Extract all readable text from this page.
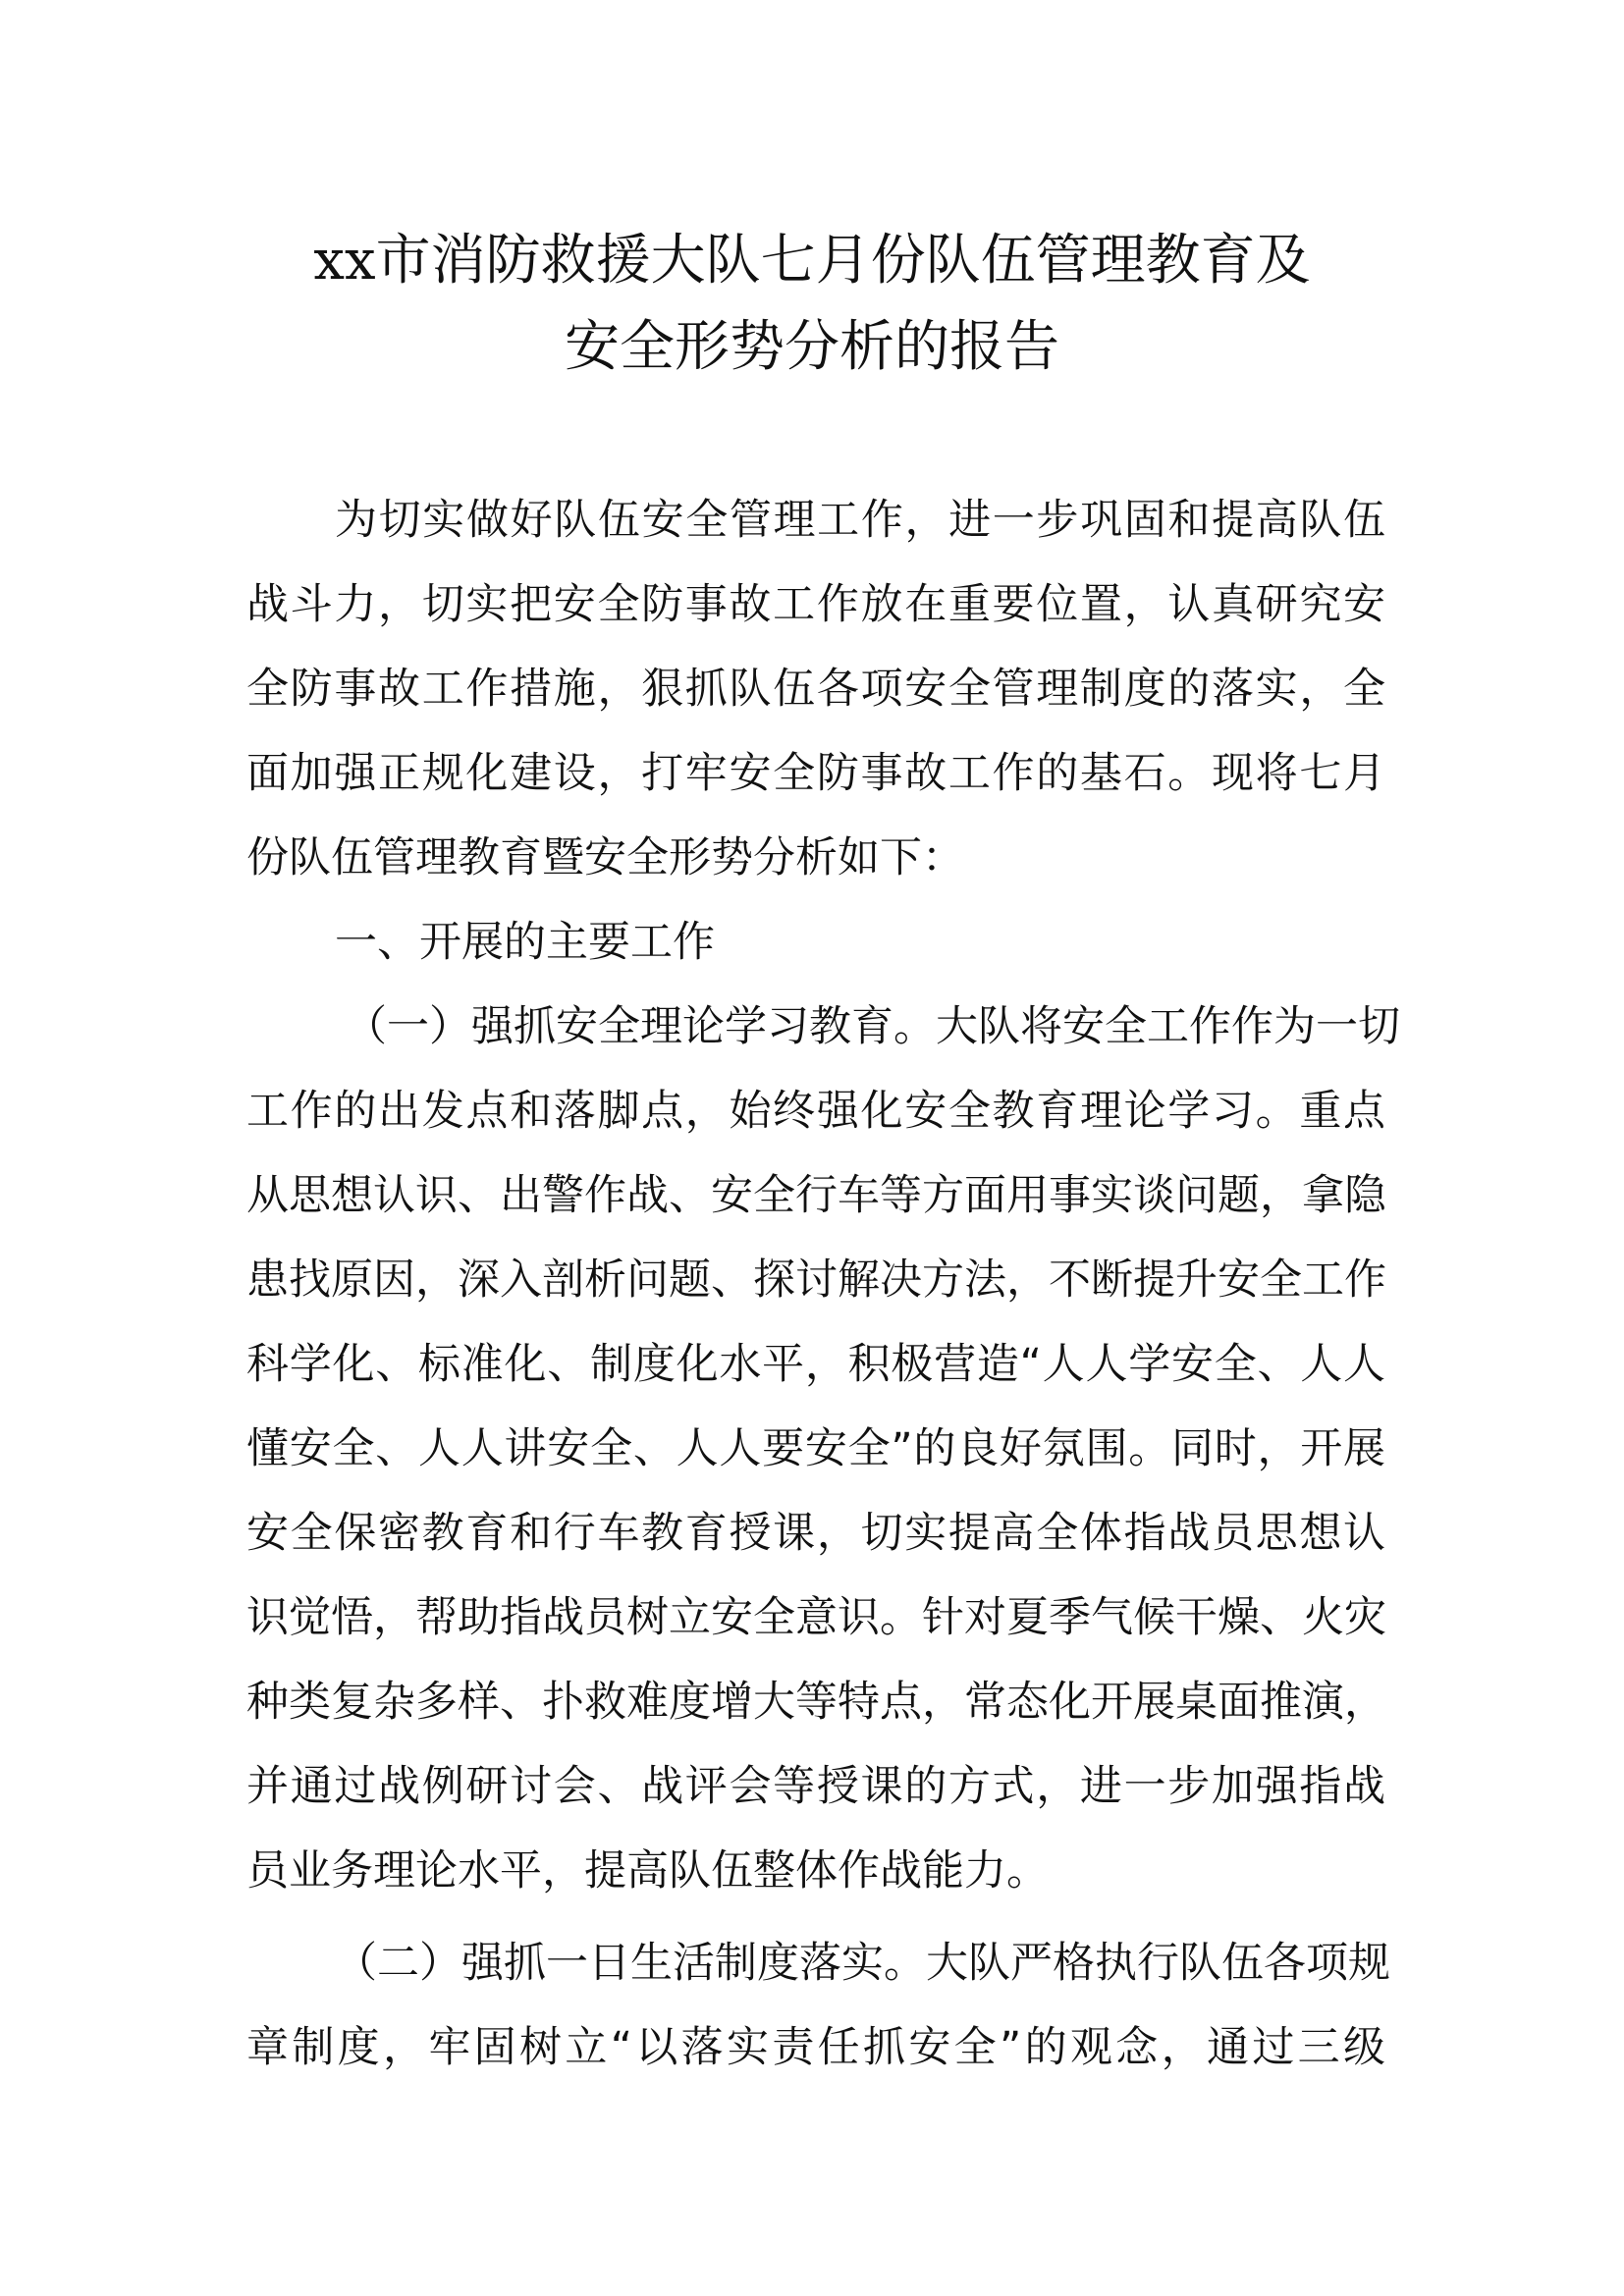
xx市消防救援大队七月份队伍管理教育及
安全形势分析的报告
为切实做好队伍安全管理工作，进一步巩固和提高队伍
战斗力，切实把安全防事故工作放在重要位置，认真研究安
全防事故工作措施，狠抓队伍各项安全管理制度的落实，全
面加强正规化建设，打牢安全防事故工作的基石。现将七月
份队伍管理教育暨安全形势分析如下：
一、开展的主要工作
（一）强抓安全理论学习教育。大队将安全工作作为一切
工作的出发点和落脚点，始终强化安全教育理论学习。重点
从思想认识、出警作战、安全行车等方面用事实谈问题，拿隐
患找原因，深入剖析问题、探讨解决方法，不断提升安全工作
科学化、标准化、制度化水平，积极营造“人人学安全、人人
懂安全、人人讲安全、人人要安全”的良好氛围。同时，开展
安全保密教育和行车教育授课，切实提高全体指战员思想认
识觉悟，帮助指战员树立安全意识。针对夏季气候干燥、火灾
种类复杂多样、扑救难度增大等特点，常态化开展桌面推演，
并通过战例研讨会、战评会等授课的方式，进一步加强指战
员业务理论水平，提高队伍整体作战能力。
（二）强抓一日生活制度落实。大队严格执行队伍各项规
章制度，牢固树立“以落实责任抓安全”的观念，通过三级
